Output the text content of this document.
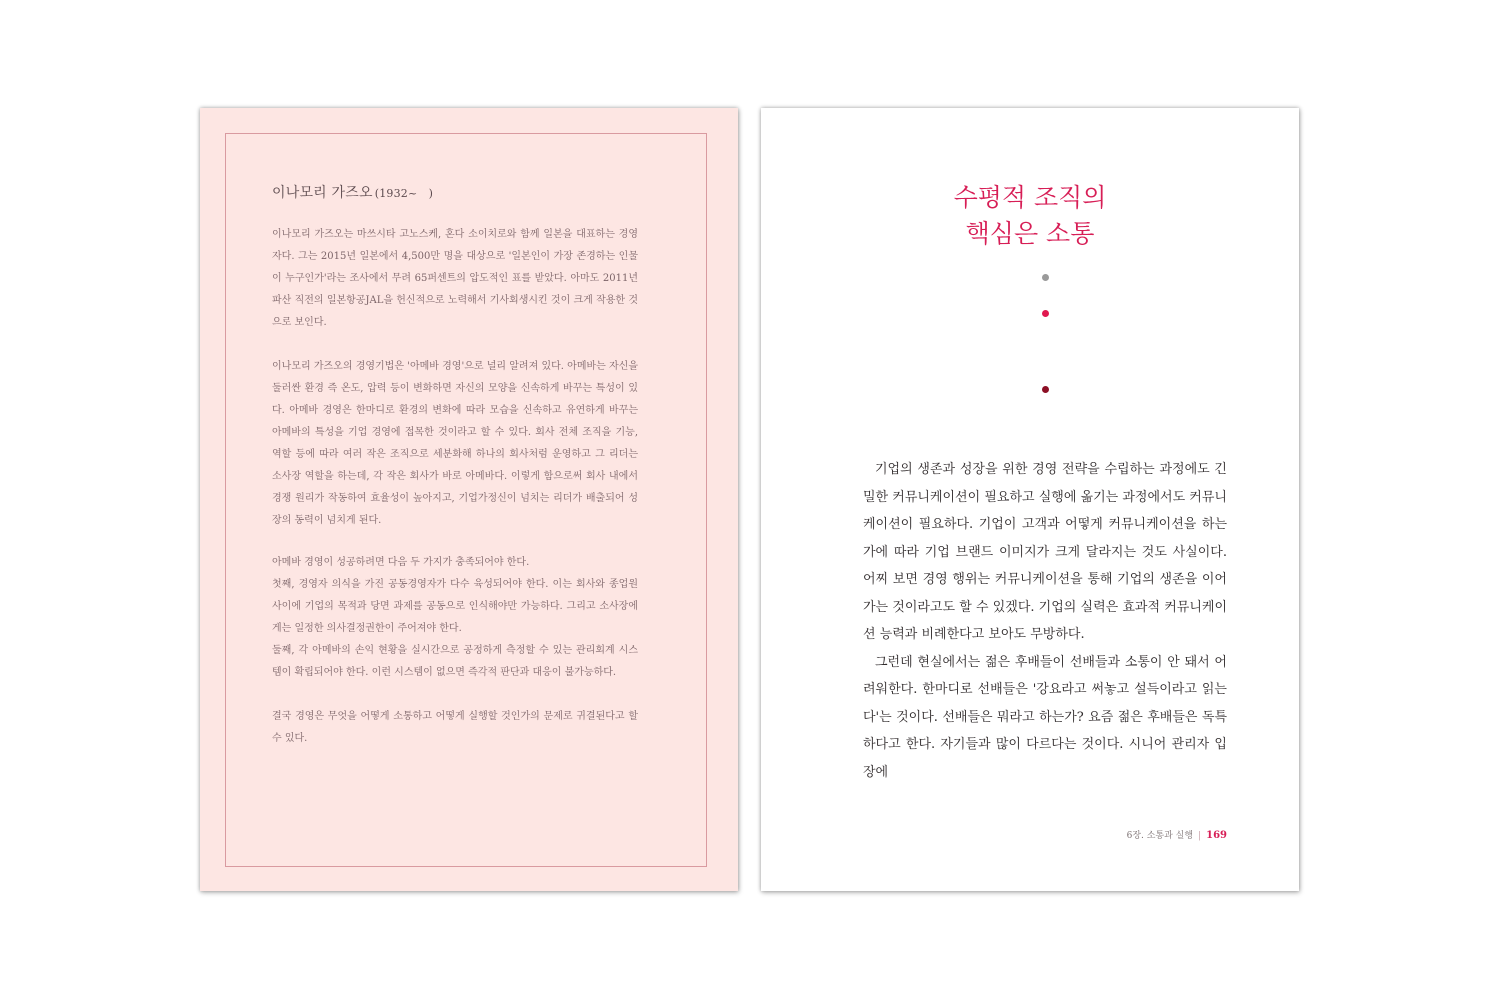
이나모리 가즈오 (1932~　)

이나모리 가즈오는 마쓰시타 고노스케, 혼다 소이치로와 함께 일본을 대표하는 경영자다. 그는 2015년 일본에서 4,500만 명을 대상으로 '일본인이 가장 존경하는 인물이 누구인가'라는 조사에서 무려 65퍼센트의 압도적인 표를 받았다. 아마도 2011년 파산 직전의 일본항공JAL을 헌신적으로 노력해서 기사회생시킨 것이 크게 작용한 것으로 보인다.

이나모리 가즈오의 경영기법은 '아메바 경영'으로 널리 알려져 있다. 아메바는 자신을 둘러싼 환경 즉 온도, 압력 등이 변화하면 자신의 모양을 신속하게 바꾸는 특성이 있다. 아메바 경영은 한마디로 환경의 변화에 따라 모습을 신속하고 유연하게 바꾸는 아메바의 특성을 기업 경영에 접목한 것이라고 할 수 있다. 회사 전체 조직을 기능, 역할 등에 따라 여러 작은 조직으로 세분화해 하나의 회사처럼 운영하고 그 리더는 소사장 역할을 하는데, 각 작은 회사가 바로 아메바다. 이렇게 함으로써 회사 내에서 경쟁 원리가 작동하여 효율성이 높아지고, 기업가정신이 넘치는 리더가 배출되어 성장의 동력이 넘치게 된다.

아메바 경영이 성공하려면 다음 두 가지가 충족되어야 한다.
첫째, 경영자 의식을 가진 공동경영자가 다수 육성되어야 한다. 이는 회사와 종업원 사이에 기업의 목적과 당면 과제를 공동으로 인식해야만 가능하다. 그리고 소사장에게는 일정한 의사결정권한이 주어져야 한다.
둘째, 각 아메바의 손익 현황을 실시간으로 공정하게 측정할 수 있는 관리회계 시스템이 확립되어야 한다. 이런 시스템이 없으면 즉각적 판단과 대응이 불가능하다.

결국 경영은 무엇을 어떻게 소통하고 어떻게 실행할 것인가의 문제로 귀결된다고 할 수 있다.

수평적 조직의
핵심은 소통

기업의 생존과 성장을 위한 경영 전략을 수립하는 과정에도 긴밀한 커뮤니케이션이 필요하고 실행에 옮기는 과정에서도 커뮤니케이션이 필요하다. 기업이 고객과 어떻게 커뮤니케이션을 하는가에 따라 기업 브랜드 이미지가 크게 달라지는 것도 사실이다. 어찌 보면 경영 행위는 커뮤니케이션을 통해 기업의 생존을 이어가는 것이라고도 할 수 있겠다. 기업의 실력은 효과적 커뮤니케이션 능력과 비례한다고 보아도 무방하다.

그런데 현실에서는 젊은 후배들이 선배들과 소통이 안 돼서 어려워한다. 한마디로 선배들은 '강요라고 써놓고 설득이라고 읽는다'는 것이다. 선배들은 뭐라고 하는가? 요즘 젊은 후배들은 독특하다고 한다. 자기들과 많이 다르다는 것이다. 시니어 관리자 입장에

6장. 소통과 실행 | 169
